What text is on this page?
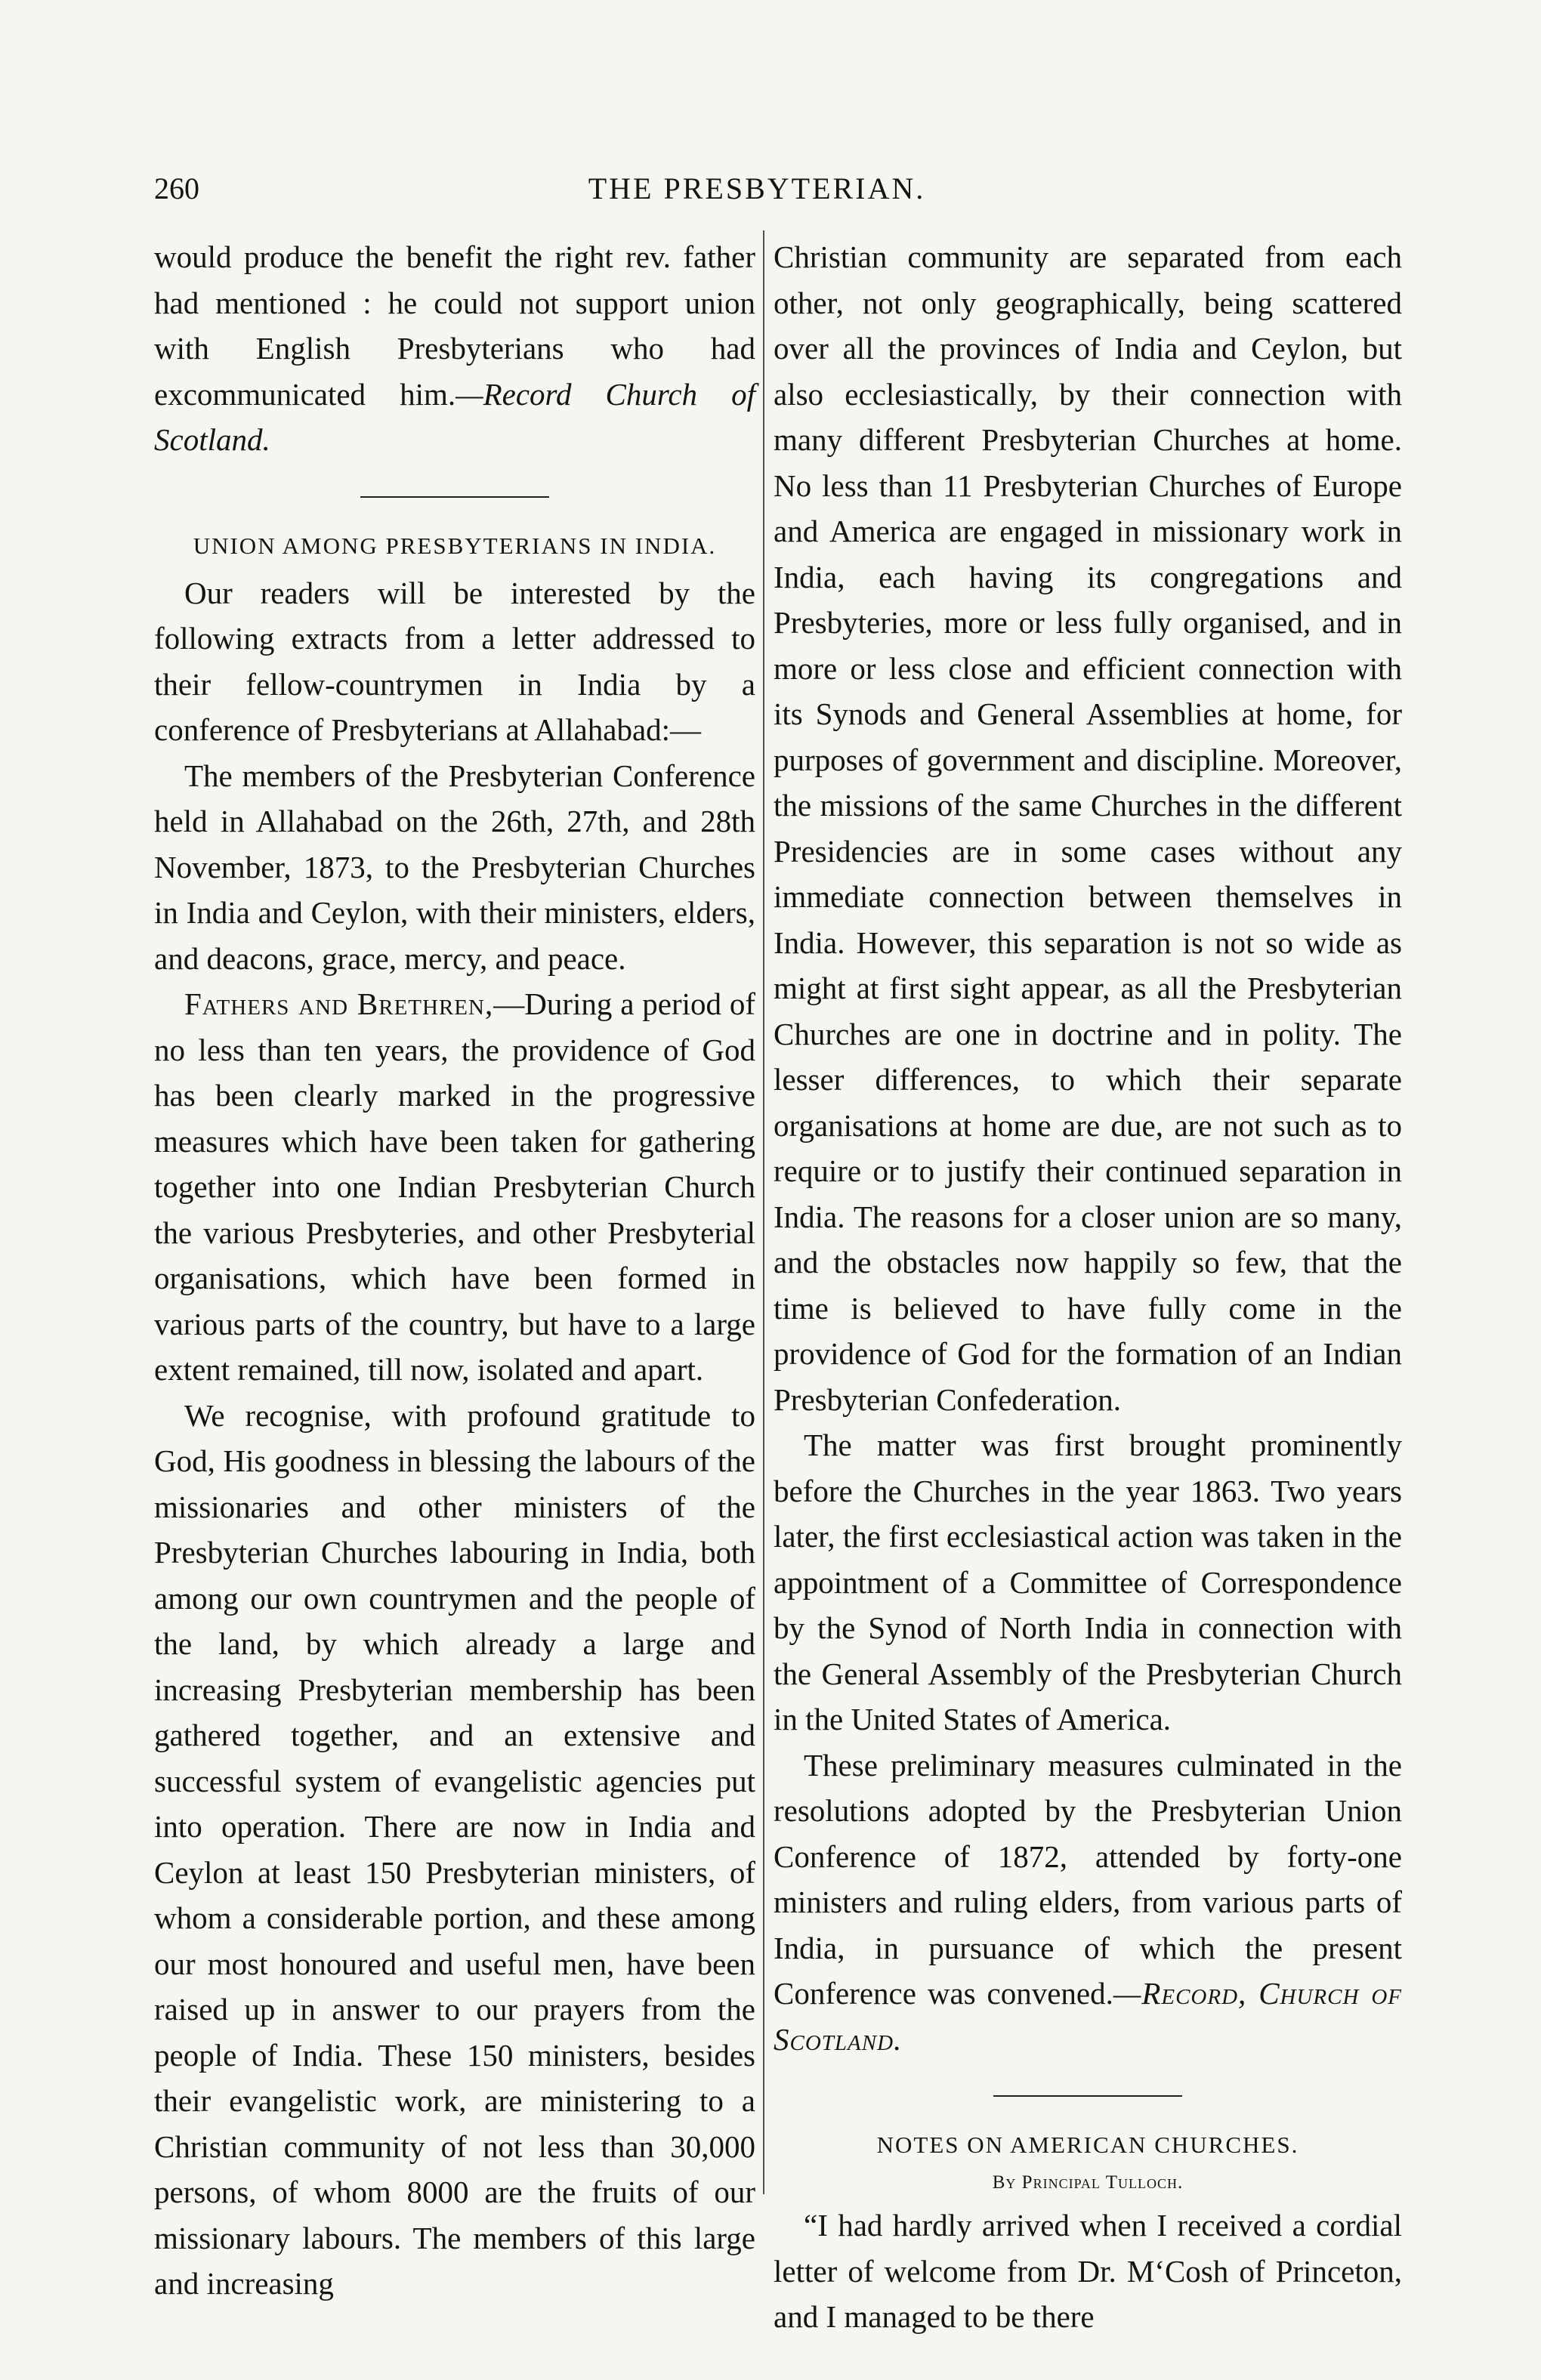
260	THE PRESBYTERIAN.

would produce the benefit the right rev. father had mentioned : he could not support union with English Presbyterians who had excommunicated him.—Record Church of Scotland.

UNION AMONG PRESBYTERIANS IN INDIA.

Our readers will be interested by the following extracts from a letter addressed to their fellow-countrymen in India by a conference of Presbyterians at Allahabad:—

The members of the Presbyterian Conference held in Allahabad on the 26th, 27th, and 28th November, 1873, to the Presbyterian Churches in India and Ceylon, with their ministers, elders, and deacons, grace, mercy, and peace.

Fathers and Brethren,—During a period of no less than ten years, the providence of God has been clearly marked in the progressive measures which have been taken for gathering together into one Indian Presbyterian Church the various Presbyteries, and other Presbyterial organisations, which have been formed in various parts of the country, but have to a large extent remained, till now, isolated and apart.

We recognise, with profound gratitude to God, His goodness in blessing the labours of the missionaries and other ministers of the Presbyterian Churches labouring in India, both among our own countrymen and the people of the land, by which already a large and increasing Presbyterian membership has been gathered together, and an extensive and successful system of evangelistic agencies put into operation. There are now in India and Ceylon at least 150 Presbyterian ministers, of whom a considerable portion, and these among our most honoured and useful men, have been raised up in answer to our prayers from the people of India. These 150 ministers, besides their evangelistic work, are ministering to a Christian community of not less than 30,000 persons, of whom 8000 are the fruits of our missionary labours. The members of this large and increasing

Christian community are separated from each other, not only geographically, being scattered over all the provinces of India and Ceylon, but also ecclesiastically, by their connection with many different Presbyterian Churches at home. No less than 11 Presbyterian Churches of Europe and America are engaged in missionary work in India, each having its congregations and Presbyteries, more or less fully organised, and in more or less close and efficient connection with its Synods and General Assemblies at home, for purposes of government and discipline. Moreover, the missions of the same Churches in the different Presidencies are in some cases without any immediate connection between themselves in India. However, this separation is not so wide as might at first sight appear, as all the Presbyterian Churches are one in doctrine and in polity. The lesser differences, to which their separate organisations at home are due, are not such as to require or to justify their continued separation in India. The reasons for a closer union are so many, and the obstacles now happily so few, that the time is believed to have fully come in the providence of God for the formation of an Indian Presbyterian Confederation.

The matter was first brought prominently before the Churches in the year 1863. Two years later, the first ecclesiastical action was taken in the appointment of a Committee of Correspondence by the Synod of North India in connection with the General Assembly of the Presbyterian Church in the United States of America.

These preliminary measures culminated in the resolutions adopted by the Presbyterian Union Conference of 1872, attended by forty-one ministers and ruling elders, from various parts of India, in pursuance of which the present Conference was convened.—Record, Church of Scotland.

NOTES ON AMERICAN CHURCHES.
By Principal Tulloch.

“I had hardly arrived when I received a cordial letter of welcome from Dr. M‘Cosh of Princeton, and I managed to be there
